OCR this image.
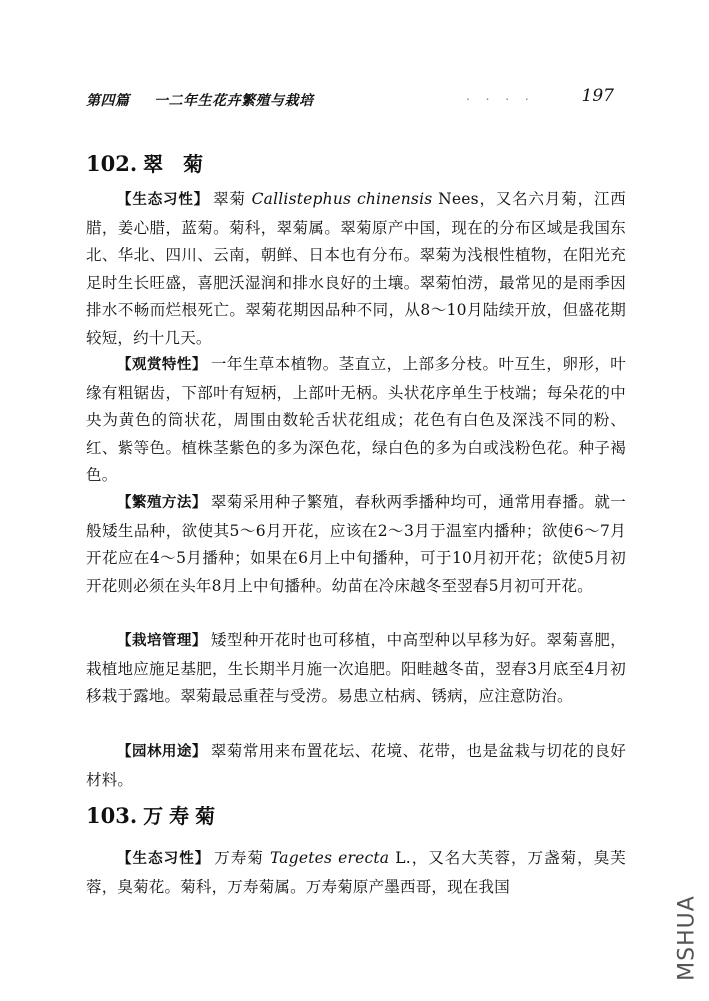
第四篇 一二年生花卉繁殖与栽培	. . . .	197
102. 翠菊

【生态习性】 翠菊 Callistephus chinensis Nees，又名六月菊，江西腊，姜心腊，蓝菊。菊科，翠菊属。翠菊原产中国，现在的分布区域是我国东北、华北、四川、云南，朝鲜、日本也有分布。翠菊为浅根性植物，在阳光充足时生长旺盛，喜肥沃湿润和排水良好的土壤。翠菊怕涝，最常见的是雨季因排水不畅而烂根死亡。翠菊花期因品种不同，从8～10月陆续开放，但盛花期较短，约十几天。

【观赏特性】 一年生草本植物。茎直立，上部多分枝。叶互生，卵形，叶缘有粗锯齿，下部叶有短柄，上部叶无柄。头状花序单生于枝端；每朵花的中央为黄色的筒状花，周围由数轮舌状花组成；花色有白色及深浅不同的粉、红、紫等色。植株茎紫色的多为深色花，绿白色的多为白或浅粉色花。种子褐色。

【繁殖方法】 翠菊采用种子繁殖，春秋两季播种均可，通常用春播。就一般矮生品种，欲使其5～6月开花，应该在2～3月于温室内播种；欲使6～7月开花应在4～5月播种；如果在6月上中旬播种，可于10月初开花；欲使5月初开花则必须在头年8月上中旬播种。幼苗在冷床越冬至翌春5月初可开花。

【栽培管理】 矮型种开花时也可移植，中高型种以早移为好。翠菊喜肥，栽植地应施足基肥，生长期半月施一次追肥。阳畦越冬苗，翌春3月底至4月初移栽于露地。翠菊最忌重茬与受涝。易患立枯病、锈病，应注意防治。

【园林用途】 翠菊常用来布置花坛、花境、花带，也是盆栽与切花的良好材料。

103. 万寿菊

【生态习性】 万寿菊 Tagetes erecta L.，又名大芙蓉，万盏菊，臭芙蓉，臭菊花。菊科，万寿菊属。万寿菊原产墨西哥，现在我国

MSHUA
